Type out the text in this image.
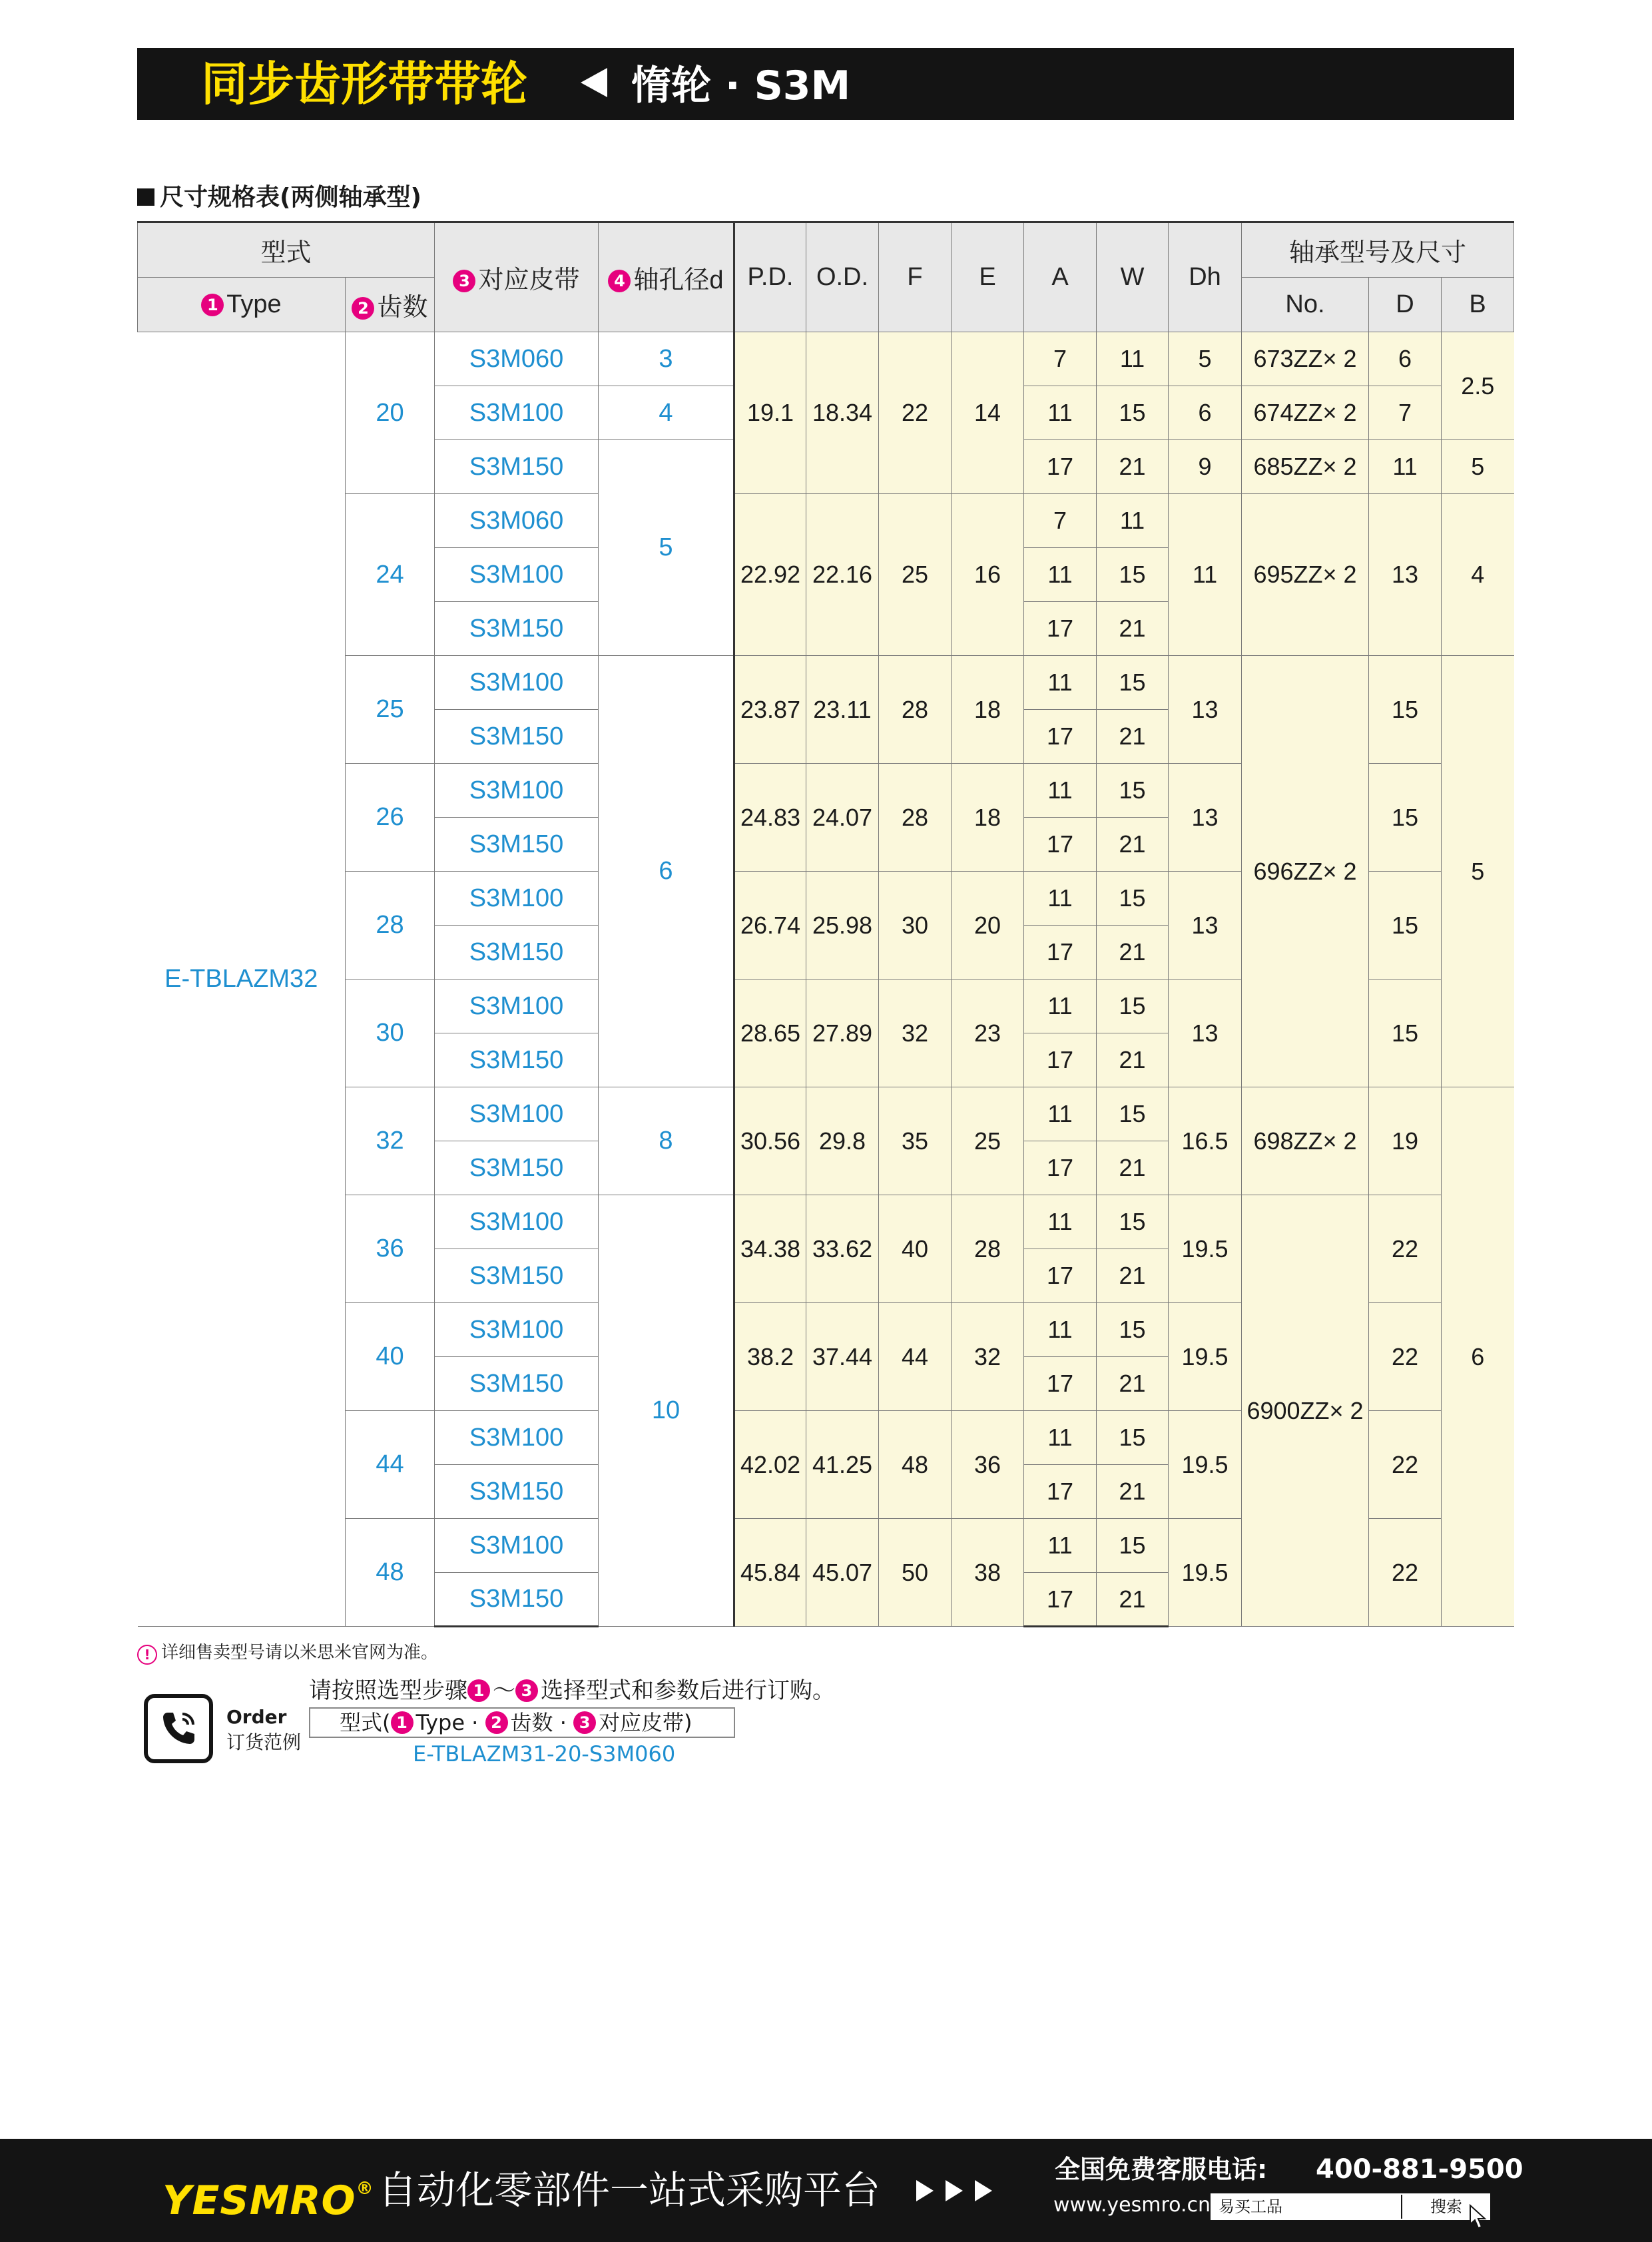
同步齿形带带轮	惰轮 · S3M
尺寸规格表(两侧轴承型)
型式		3 对应皮带	4 轴孔径d	P.D.	O.D.	F	E	A	W	Dh	轴承型号及尺寸		
1 Type	2 齿数										No.	D	B
E-TBLAZM32	20	S3M060	3	19.1	18.34	22	14	7	11	5	673ZZ× 2	6	2.5
		S3M100	4					11	15	6	674ZZ× 2	7	
		S3M150	5					17	21	9	685ZZ× 2	11	5
	24	S3M060		22.92	22.16	25	16	7	11	11	695ZZ× 2	13	4
		S3M100						11	15				
		S3M150						17	21				
	25	S3M100	6	23.87	23.11	28	18	11	15	13	696ZZ× 2	15	5
		S3M150						17	21				
	26	S3M100		24.83	24.07	28	18	11	15	13		15	
		S3M150						17	21				
	28	S3M100		26.74	25.98	30	20	11	15	13		15	
		S3M150						17	21				
	30	S3M100		28.65	27.89	32	23	11	15	13		15	
		S3M150						17	21				
	32	S3M100	8	30.56	29.8	35	25	11	15	16.5	698ZZ× 2	19	6
		S3M150						17	21				
	36	S3M100	10	34.38	33.62	40	28	11	15	19.5	6900ZZ× 2	22	
		S3M150						17	21				
	40	S3M100		38.2	37.44	44	32	11	15	19.5		22	
		S3M150						17	21				
	44	S3M100		42.02	41.25	48	36	11	15	19.5		22	
		S3M150						17	21				
	48	S3M100		45.84	45.07	50	38	11	15	19.5		22	
		S3M150						17	21				
! 详细售卖型号请以米思米官网为准。
Order
订货范例
请按照选型步骤 1 ～ 3 选择型式和参数后进行订购。
型式( 1 Type · 2 齿数 · 3 对应皮带)
E-TBLAZM31-20-S3M060
YESMRO® 自动化零部件一站式采购平台	全国免费客服电话: 400-881-9500
www.yesmro.cn 易买工品	搜索
